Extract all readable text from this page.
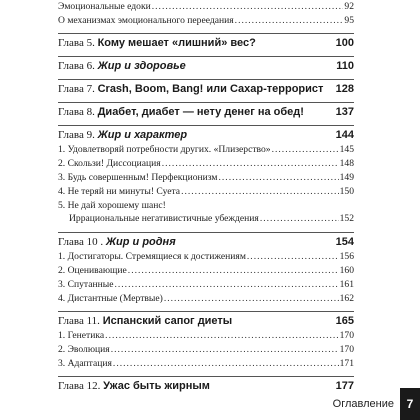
Эмоциональные едоки .....	92
О механизмах эмоционального переедания .....	95
Глава 5. Кому мешает «лишний» вес?	100
Глава 6. Жир и здоровье	110
Глава 7. Crash, Boom, Bang! или Сахар-террорист 128
Глава 8. Диабет, диабет — нету денег на обед!	137
Глава 9. Жир и характер	144
1. Удовлетворяй потребности других. «Плизерство» .....	145
2. Скользи! Диссоциация .....	148
3. Будь совершенным! Перфекционизм .....	149
4. Не теряй ни минуты! Суета .....	150
5. Не дай хорошему шанс!
Иррациональные негативистичные убеждения .....	152
Глава 10 . Жир и родня	154
1. Достигаторы. Стремящиеся к достижениям .....	156
2. Оценивающие .....	160
3. Спутанные .....	161
4. Дистантные (Мертвые) .....	162
Глава 11. Испанский сапог диеты	165
1. Генетика .....	170
2. Эволюция .....	170
3. Адаптация .....	171
Глава 12. Ужас быть жирным	177
Оглавление	7
